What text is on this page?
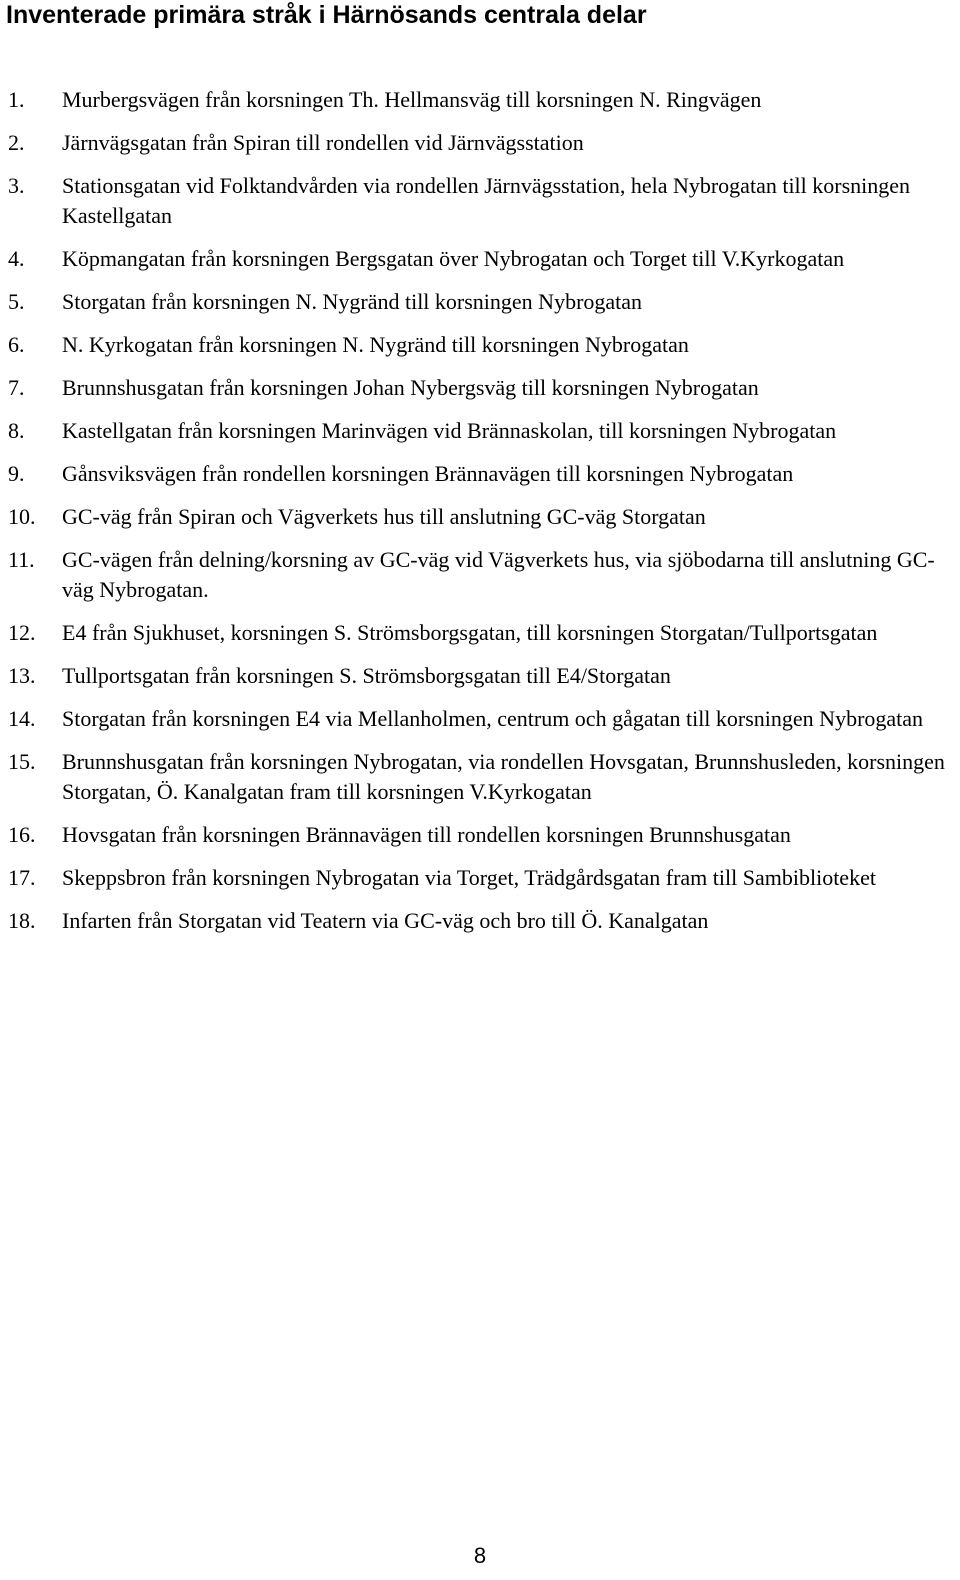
Inventerade primära stråk i Härnösands centrala delar
1.	Murbergsvägen från korsningen Th. Hellmansväg till korsningen N. Ringvägen
2.	Järnvägsgatan från Spiran till rondellen vid Järnvägsstation
3.	Stationsgatan vid Folktandvården via rondellen Järnvägsstation, hela Nybrogatan till korsningen Kastellgatan
4.	Köpmangatan från korsningen Bergsgatan över Nybrogatan och Torget till V.Kyrkogatan
5.	Storgatan från korsningen N. Nygränd till korsningen Nybrogatan
6.	N. Kyrkogatan från korsningen N. Nygränd till korsningen Nybrogatan
7.	Brunnshusgatan från korsningen Johan Nybergsväg till korsningen Nybrogatan
8.	Kastellgatan från korsningen Marinvägen vid Brännaskolan, till korsningen Nybrogatan
9.	Gånsviksvägen från rondellen korsningen Brännavägen till korsningen Nybrogatan
10.	GC-väg från Spiran och Vägverkets hus till anslutning GC-väg Storgatan
11.	GC-vägen från delning/korsning av GC-väg vid Vägverkets hus, via sjöbodarna till anslutning GC-väg Nybrogatan.
12.	E4 från Sjukhuset, korsningen S. Strömsborgsgatan, till korsningen Storgatan/Tullportsgatan
13.	Tullportsgatan från korsningen S. Strömsborgsgatan till E4/Storgatan
14.	Storgatan från korsningen E4 via Mellanholmen, centrum och gågatan till korsningen Nybrogatan
15.	Brunnshusgatan från korsningen Nybrogatan, via rondellen Hovsgatan, Brunnshusleden, korsningen Storgatan, Ö. Kanalgatan fram till korsningen V.Kyrkogatan
16.	Hovsgatan från korsningen Brännavägen till rondellen korsningen Brunnshusgatan
17.	Skeppsbron från korsningen Nybrogatan via Torget, Trädgårdsgatan fram till Sambiblioteket
18.	Infarten från Storgatan vid Teatern via GC-väg och bro till Ö. Kanalgatan
8
